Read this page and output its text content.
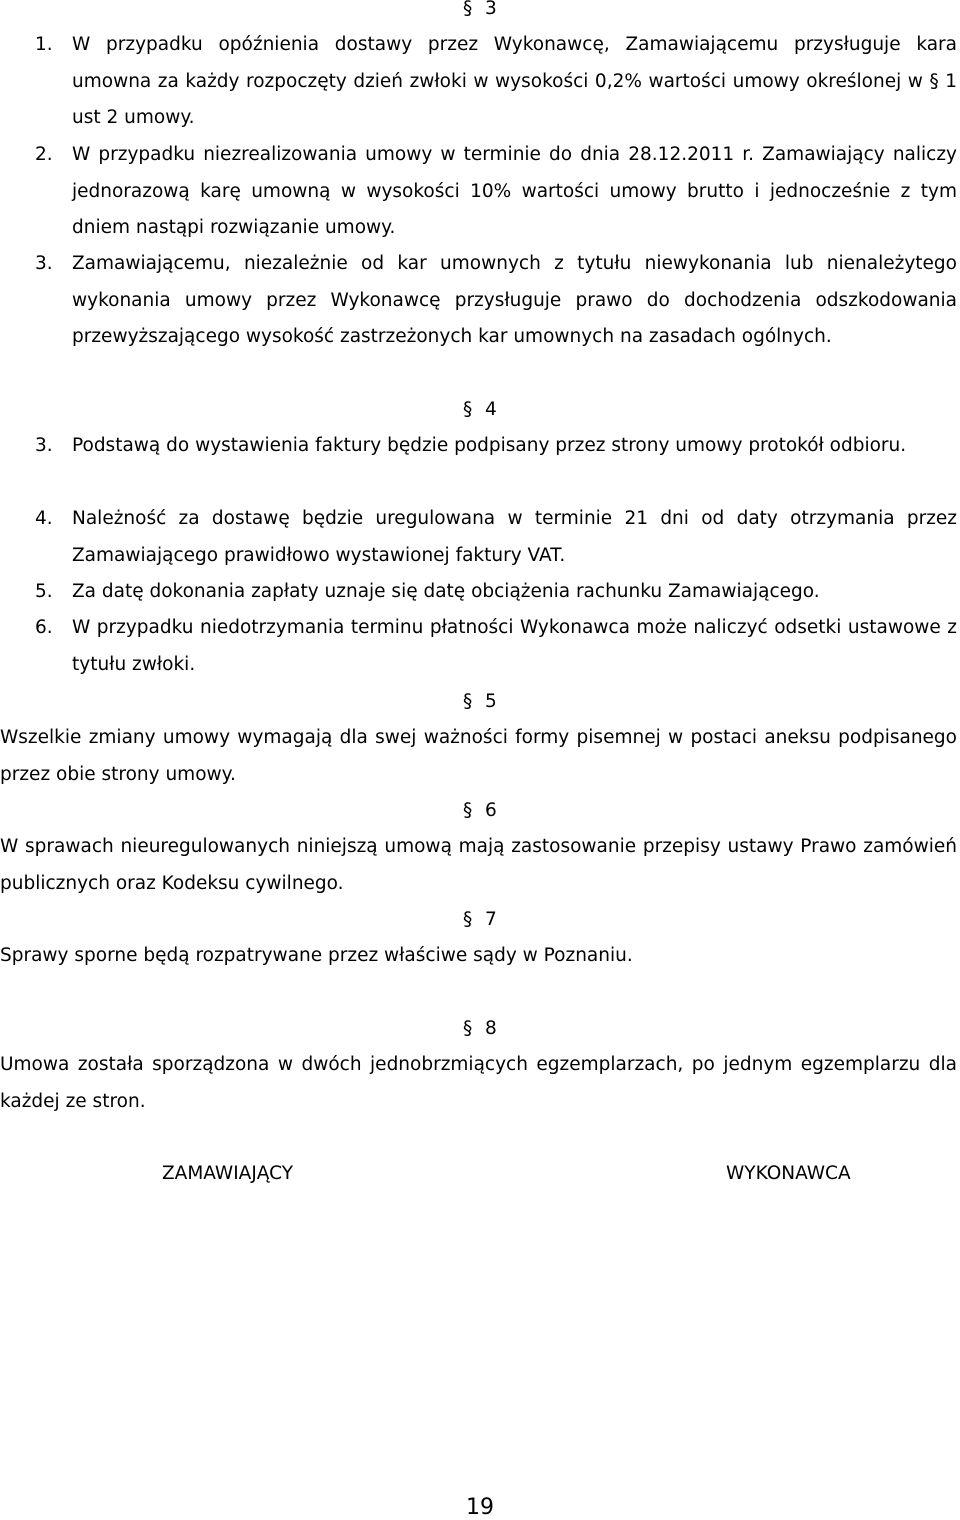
§ 3
1. W przypadku opóźnienia dostawy przez Wykonawcę, Zamawiającemu przysługuje kara umowna za każdy rozpoczęty dzień zwłoki w wysokości 0,2% wartości umowy określonej w § 1 ust 2 umowy.
2. W przypadku niezrealizowania umowy w terminie do dnia 28.12.2011 r. Zamawiający naliczy jednorazową karę umowną w wysokości 10% wartości umowy brutto i jednocześnie z tym dniem nastąpi rozwiązanie umowy.
3. Zamawiającemu, niezależnie od kar umownych z tytułu niewykonania lub nienależytego wykonania umowy przez Wykonawcę przysługuje prawo do dochodzenia odszkodowania przewyższającego wysokość zastrzeżonych kar umownych na zasadach ogólnych.
§ 4
3. Podstawą do wystawienia faktury będzie podpisany przez strony umowy protokół odbioru.
4. Należność za dostawę będzie uregulowana w terminie 21 dni od daty otrzymania przez Zamawiającego prawidłowo wystawionej faktury VAT.
5. Za datę dokonania zapłaty uznaje się datę obciążenia rachunku Zamawiającego.
6. W przypadku niedotrzymania terminu płatności Wykonawca może naliczyć odsetki ustawowe z tytułu zwłoki.
§ 5
Wszelkie zmiany umowy wymagają dla swej ważności formy pisemnej w postaci aneksu podpisanego przez obie strony umowy.
§ 6
W sprawach nieuregulowanych niniejszą umową mają zastosowanie przepisy ustawy Prawo zamówień publicznych oraz Kodeksu cywilnego.
§ 7
Sprawy sporne będą rozpatrywane przez właściwe sądy w Poznaniu.
§ 8
Umowa została sporządzona w dwóch jednobrzmiących egzemplarzach, po jednym egzemplarzu dla każdej ze stron.
ZAMAWIAJĄCY	WYKONAWCA
19
